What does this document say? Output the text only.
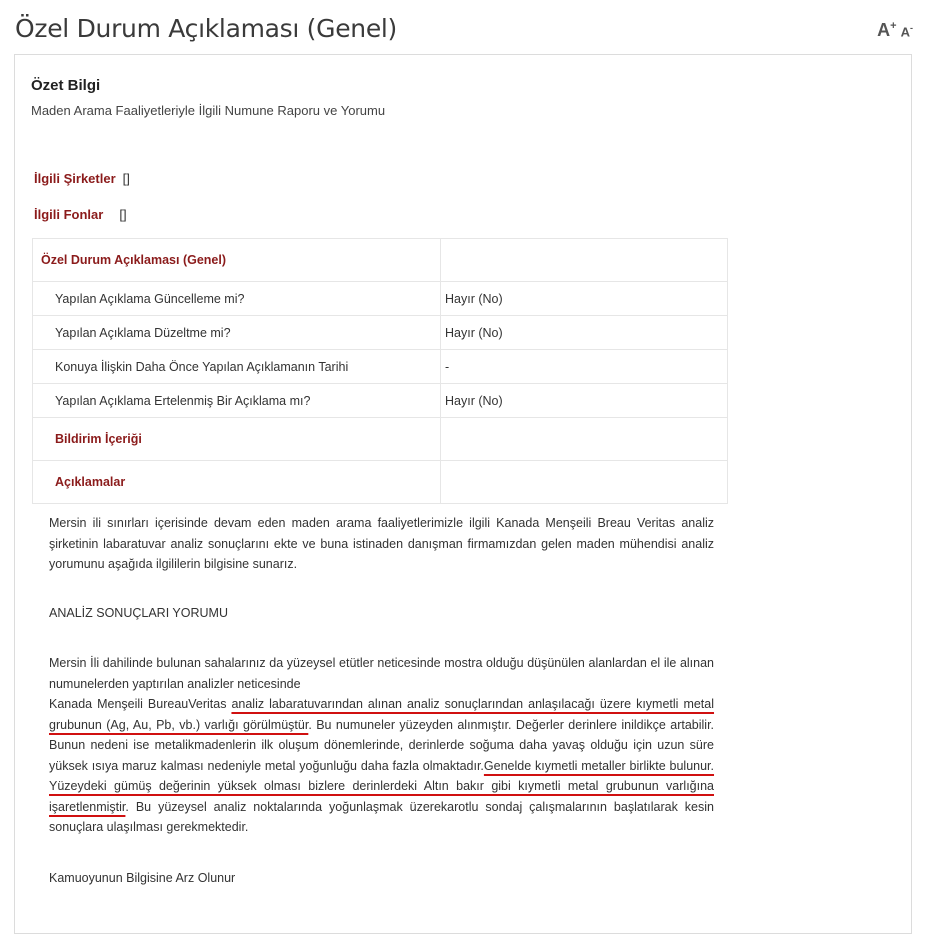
Özel Durum Açıklaması (Genel)	A+ A-
Özet Bilgi
Maden Arama Faaliyetleriyle İlgili Numune Raporu ve Yorumu
İlgili Şirketler []
İlgili Fonlar []
Özel Durum Açıklaması (Genel)	
Yapılan Açıklama Güncelleme mi?	Hayır (No)
Yapılan Açıklama Düzeltme mi?	Hayır (No)
Konuya İlişkin Daha Önce Yapılan Açıklamanın Tarihi	-
Yapılan Açıklama Ertelenmiş Bir Açıklama mı?	Hayır (No)
Bildirim İçeriği	
Açıklamalar	

Mersin ili sınırları içerisinde devam eden maden arama faaliyetlerimizle ilgili Kanada Menşeili Breau Veritas analiz şirketinin labaratuvar analiz sonuçlarını ekte ve buna istinaden danışman firmamızdan gelen maden mühendisi analiz yorumunu aşağıda ilgililerin bilgisine sunarız.

ANALİZ SONUÇLARI YORUMU

Mersin İli dahilinde bulunan sahalarınız da yüzeysel etütler neticesinde mostra olduğu düşünülen alanlardan el ile alınan numunelerden yaptırılan analizler neticesinde

Kanada Menşeili BureauVeritas analiz labaratuvarından alınan analiz sonuçlarından anlaşılacağı üzere kıymetli metal grubunun (Ag, Au, Pb, vb.) varlığı görülmüştür. Bu numuneler yüzeyden alınmıştır. Değerler derinlere inildikçe artabilir. Bunun nedeni ise metalikmadenlerin ilk oluşum dönemlerinde, derinlerde soğuma daha yavaş olduğu için uzun süre yüksek ısıya maruz kalması nedeniyle metal yoğunluğu daha fazla olmaktadır.Genelde kıymetli metaller birlikte bulunur. Yüzeydeki gümüş değerinin yüksek olması bizlere derinlerdeki Altın bakır gibi kıymetli metal grubunun varlığına işaretlenmiştir. Bu yüzeysel analiz noktalarında yoğunlaşmak üzerekarotlu sondaj çalışmalarının başlatılarak kesin sonuçlara ulaşılması gerekmektedir.

Kamuoyunun Bilgisine Arz Olunur
